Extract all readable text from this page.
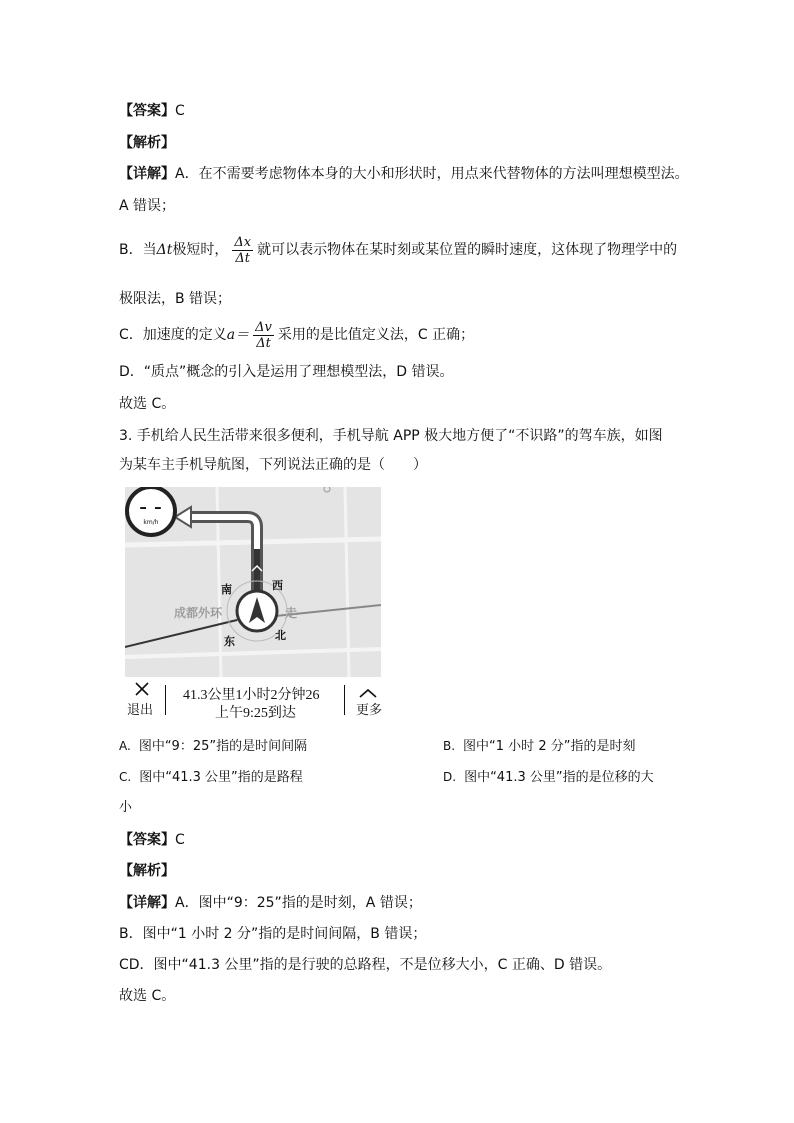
【答案】C
【解析】
【详解】A．在不需要考虑物体本身的大小和形状时，用点来代替物体的方法叫理想模型法。
A 错误；
B．当Δt极短时， $\frac{\Delta x}{\Delta t}$ 就可以表示物体在某时刻或某位置的瞬时速度，这体现了物理学中的
极限法，B 错误；
C．加速度的定义$a= \frac{\Delta v}{\Delta t}$ 采用的是比值定义法，C 正确；
D．“质点”概念的引入是运用了理想模型法，D 错误。
故选 C。
3. 手机给人民生活带来很多便利，手机导航 APP 极大地方便了“不识路”的驾车族，如图
为某车主手机导航图，下列说法正确的是（　　）
– –
km/h
南	西
东	北
成都外环	走
退出
41.3公里1小时2分钟26
上午9:25到达	更多
A. 图中“9：25”指的是时间间隔	B. 图中“1 小时 2 分”指的是时刻
C. 图中“41.3 公里”指的是路程	D. 图中“41.3 公里”指的是位移的大
小
【答案】C
【解析】
【详解】A．图中“9：25”指的是时刻，A 错误；
B．图中“1 小时 2 分”指的是时间间隔，B 错误；
CD．图中“41.3 公里”指的是行驶的总路程，不是位移大小，C 正确、D 错误。
故选 C。
